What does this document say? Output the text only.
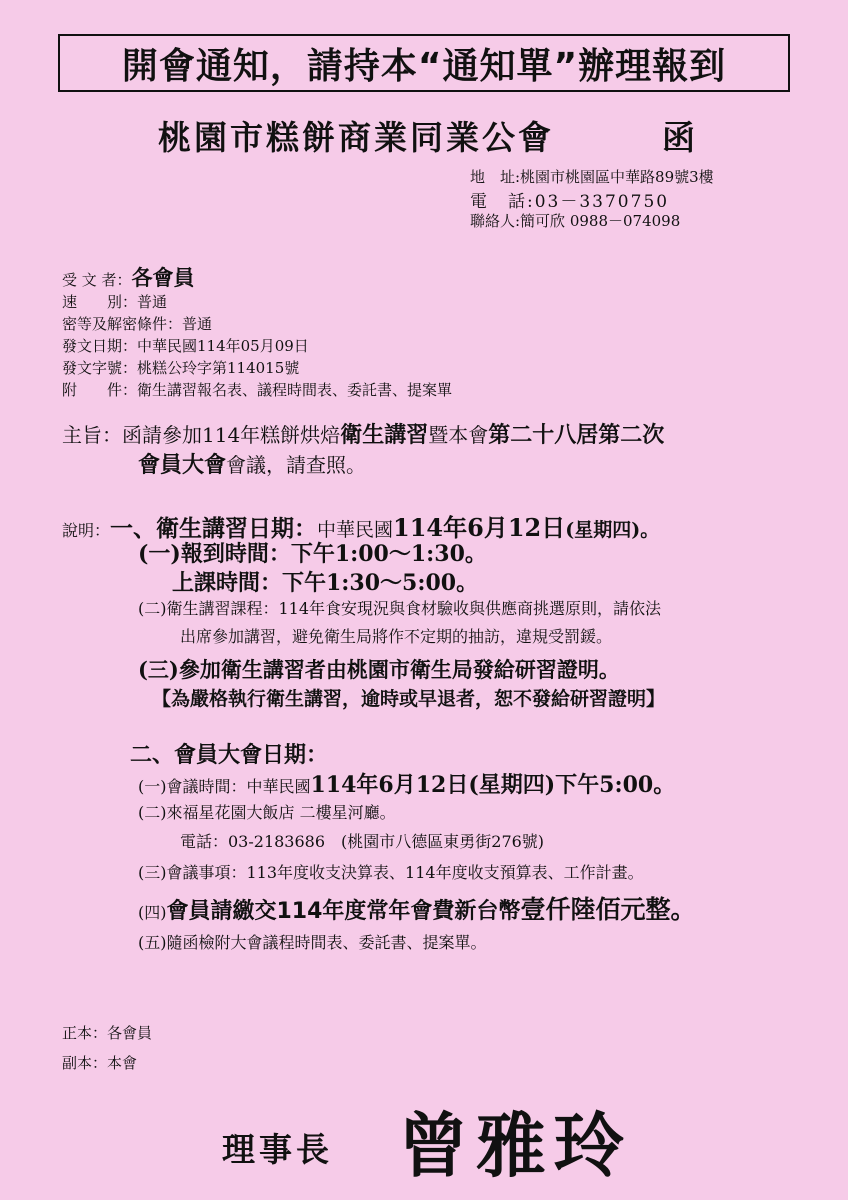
開會通知，請持本“通知單”辦理報到
桃園市糕餅商業同業公會	函
地　址:桃園市桃園區中華路89號3樓
電　話:03－3370750
聯絡人:簡可欣 0988－074098
受 文 者：各會員
速　　別：普通
密等及解密條件：普通
發文日期：中華民國114年05月09日
發文字號：桃糕公玲字第114015號
附　　件：衛生講習報名表、議程時間表、委託書、提案單
主旨：函請參加114年糕餅烘焙衛生講習暨本會第二十八居第二次
會員大會會議，請查照。
說明：一、衛生講習日期：中華民國114年6月12日(星期四)。
(一)報到時間：下午1:00～1:30。
上課時間：下午1:30～5:00。
(二)衛生講習課程：114年食安現況與食材驗收與供應商挑選原則，請依法
出席參加講習，避免衛生局將作不定期的抽訪，違規受罰鍰。
(三)參加衛生講習者由桃園市衛生局發給研習證明。
【為嚴格執行衛生講習，逾時或早退者，恕不發給研習證明】
二、會員大會日期：
(一)會議時間：中華民國114年6月12日(星期四)下午5:00。
(二)來福星花園大飯店 二樓星河廳。
電話：03-2183686　(桃園市八德區東勇街276號)
(三)會議事項：113年度收支決算表、114年度收支預算表、工作計畫。
(四)會員請繳交114年度常年會費新台幣壹仟陸佰元整。
(五)隨函檢附大會議程時間表、委託書、提案單。
正本：各會員
副本：本會
理事長 曾雅玲
